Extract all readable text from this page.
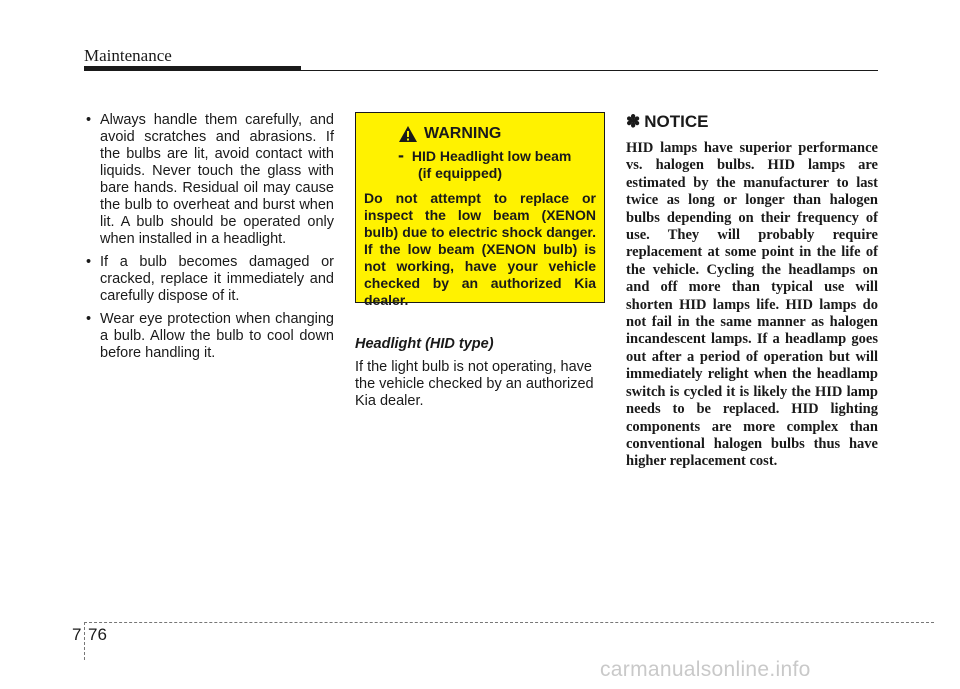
Maintenance
• Always handle them carefully, and avoid scratches and abrasions. If the bulbs are lit, avoid contact with liquids. Never touch the glass with bare hands. Residual oil may cause the bulb to overheat and burst when lit. A bulb should be operated only when installed in a headlight.
• If a bulb becomes damaged or cracked, replace it immediately and carefully dispose of it.
• Wear eye protection when changing a bulb. Allow the bulb to cool down before handling it.
WARNING
- HID Headlight low beam
(if equipped)

Do not attempt to replace or inspect the low beam (XENON bulb) due to electric shock danger. If the low beam (XENON bulb) is not working, have your vehicle checked by an authorized Kia dealer.

Headlight (HID type)

If the light bulb is not operating, have the vehicle checked by an authorized Kia dealer.

✽ NOTICE

HID lamps have superior performance vs. halogen bulbs. HID lamps are estimated by the manufacturer to last twice as long or longer than halogen bulbs depending on their frequency of use. They will probably require replacement at some point in the life of the vehicle. Cycling the headlamps on and off more than typical use will shorten HID lamps life. HID lamps do not fail in the same manner as halogen incandescent lamps. If a headlamp goes out after a period of operation but will immediately relight when the headlamp switch is cycled it is likely the HID lamp needs to be replaced. HID lighting components are more complex than conventional halogen bulbs thus have higher replacement cost.

7 76
carmanualsonline.info
